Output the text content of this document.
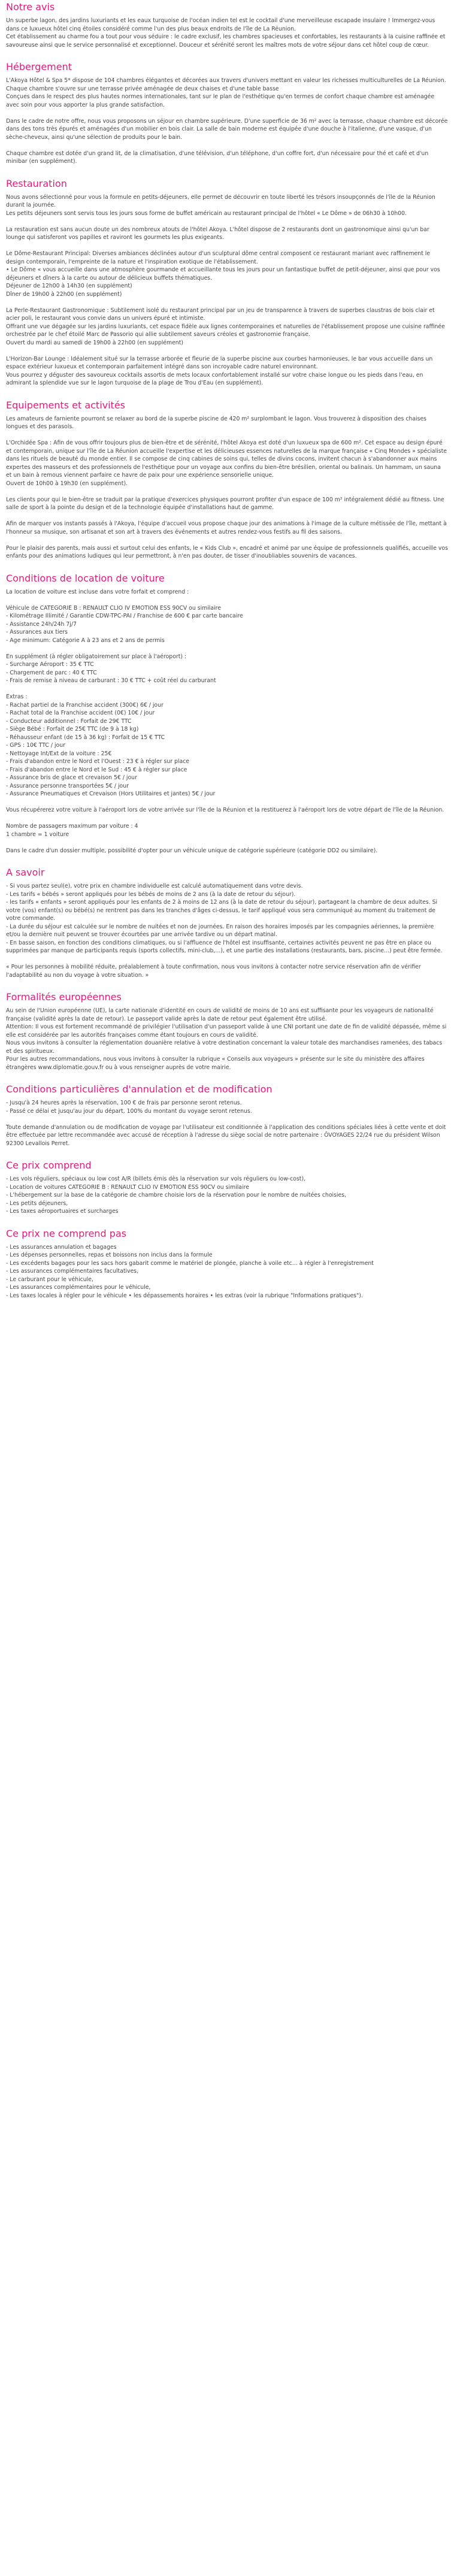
Notre avis

Un superbe lagon, des jardins luxuriants et les eaux turquoise de l'océan indien tel est le cocktail d'une merveilleuse escapade insulaire ! Immergez-vous dans ce luxueux hôtel cinq étoiles considéré comme l'un des plus beaux endroits de l'île de La Réunion.
Cet établissement au charme fou a tout pour vous séduire : le cadre exclusif, les chambres spacieuses et confortables, les restaurants à la cuisine raffinée et savoureuse ainsi que le service personnalisé et exceptionnel. Douceur et sérénité seront les maîtres mots de votre séjour dans cet hôtel coup de cœur.

Hébergement

L'Akoya Hôtel & Spa 5* dispose de 104 chambres élégantes et décorées aux travers d'univers mettant en valeur les richesses multiculturelles de La Réunion. Chaque chambre s'ouvre sur une terrasse privée aménagée de deux chaises et d'une table basse
Conçues dans le respect des plus hautes normes internationales, tant sur le plan de l'esthétique qu'en termes de confort chaque chambre est aménagée avec soin pour vous apporter la plus grande satisfaction.

Dans le cadre de notre offre, nous vous proposons un séjour en chambre supérieure. D'une superficie de 36 m² avec la terrasse, chaque chambre est décorée dans des tons très épurés et aménagées d'un mobilier en bois clair. La salle de bain moderne est équipée d'une douche à l'italienne, d'une vasque, d'un sèche-cheveux, ainsi qu'une sélection de produits pour le bain.

Chaque chambre est dotée d'un grand lit, de la climatisation, d'une télévision, d'un téléphone, d'un coffre fort, d'un nécessaire pour thé et café et d'un minibar (en supplément).

Restauration

Nous avons sélectionné pour vous la formule en petits-déjeuners, elle permet de découvrir en toute liberté les trésors insoupçonnés de l'île de la Réunion durant la journée.
Les petits déjeuners sont servis tous les jours sous forme de buffet américain au restaurant principal de l'hôtel « Le Dôme » de 06h30 à 10h00.

La restauration est sans aucun doute un des nombreux atouts de l'hôtel Akoya. L'hôtel dispose de 2 restaurants dont un gastronomique ainsi qu'un bar lounge qui satisferont vos papilles et raviront les gourmets les plus exigeants.

Le Dôme-Restaurant Principal: Diverses ambiances déclinées autour d'un sculptural dôme central composent ce restaurant mariant avec raffinement le design contemporain, l'empreinte de la nature et l'inspiration exotique de l'établissement.
• Le Dôme « vous accueille dans une atmosphère gourmande et accueillante tous les jours pour un fantastique buffet de petit-déjeuner, ainsi que pour vos déjeuners et dîners à la carte ou autour de délicieux buffets thématiques.
Déjeuner de 12h00 à 14h30 (en supplément)
Dîner de 19h00 à 22h00 (en supplément)

La Perle-Restaurant Gastronomique : Subtilement isolé du restaurant principal par un jeu de transparence à travers de superbes claustras de bois clair et acier poli, le restaurant vous convie dans un univers épuré et intimiste.
Offrant une vue dégagée sur les jardins luxuriants, cet espace fidèle aux lignes contemporaines et naturelles de l'établissement propose une cuisine raffinée orchestrée par le chef étoilé Marc de Passorio qui allie subtilement saveurs créoles et gastronomie française.
Ouvert du mardi au samedi de 19h00 à 22h00 (en supplément)

L'Horizon-Bar Lounge : Idéalement situé sur la terrasse arborée et fleurie de la superbe piscine aux courbes harmonieuses, le bar vous accueille dans un espace extérieur luxueux et contemporain parfaitement intégré dans son incroyable cadre naturel environnant.
Vous pourrez y déguster des savoureux cocktails assortis de mets locaux confortablement installé sur votre chaise longue ou les pieds dans l'eau, en admirant la splendide vue sur le lagon turquoise de la plage de Trou d'Eau (en supplément).

Equipements et activités

Les amateurs de farniente pourront se relaxer au bord de la superbe piscine de 420 m² surplombant le lagon. Vous trouverez à disposition des chaises longues et des parasols.

L'Orchidée Spa : Afin de vous offrir toujours plus de bien-être et de sérénité, l'hôtel Akoya est doté d'un luxueux spa de 600 m². Cet espace au design épuré et contemporain, unique sur l'île de La Réunion accueille l'expertise et les délicieuses essences naturelles de la marque française « Cinq Mondes » spécialiste dans les rituels de beauté du monde entier. Il se compose de cinq cabines de soins qui, telles de divins cocons, invitent chacun à s'abandonner aux mains expertes des masseurs et des professionnels de l'esthétique pour un voyage aux confins du bien-être brésilien, oriental ou balinais. Un hammam, un sauna et un bain à remous viennent parfaire ce havre de paix pour une expérience sensorielle unique.
Ouvert de 10h00 à 19h30 (en supplément).

Les clients pour qui le bien-être se traduit par la pratique d'exercices physiques pourront profiter d'un espace de 100 m² intégralement dédié au fitness. Une salle de sport à la pointe du design et de la technologie équipée d'installations haut de gamme.

Afin de marquer vos instants passés à l'Akoya, l'équipe d'accueil vous propose chaque jour des animations à l'image de la culture métissée de l'île, mettant à l'honneur sa musique, son artisanat et son art à travers des événements et autres rendez-vous festifs au fil des saisons.

Pour le plaisir des parents, mais aussi et surtout celui des enfants, le « Kids Club », encadré et animé par une équipe de professionnels qualifiés, accueille vos enfants pour des animations ludiques qui leur permettront, à n'en pas douter, de tisser d'inoubliables souvenirs de vacances.

Conditions de location de voiture

La location de voiture est incluse dans votre forfait et comprend :

Véhicule de CATEGORIE B : RENAULT CLIO IV EMOTION ESS 90CV ou similaire
- Kilométrage Illimité / Garantie CDW-TPC-PAI / Franchise de 600 € par carte bancaire
- Assistance 24h/24h 7j/7
- Assurances aux tiers
- Age minimum: Catégorie A à 23 ans et 2 ans de permis

En supplément (à régler obligatoirement sur place à l'aéroport) :
- Surcharge Aéroport : 35 € TTC
- Chargement de parc : 40 € TTC
- Frais de remise à niveau de carburant : 30 € TTC + coût réel du carburant

Extras :
- Rachat partiel de la Franchise accident (300€) 6€ / jour
- Rachat total de la Franchise accident (0€) 10€ / jour
- Conducteur additionnel : Forfait de 29€ TTC
- Siège Bébé : Forfait de 25€ TTC (de 9 à 18 kg)
- Réhausseur enfant (de 15 à 36 kg) : Forfait de 15 € TTC
- GPS : 10€ TTC / jour
- Nettoyage Int/Ext de la voiture : 25€
- Frais d'abandon entre le Nord et l'Ouest : 23 € à régler sur place
- Frais d'abandon entre le Nord et le Sud : 45 € à régler sur place
- Assurance bris de glace et crevaison 5€ / jour
- Assurance personne transportées 5€ / jour
- Assurance Pneumatiques et Crevaison (Hors Utilitaires et jantes) 5€ / jour

Vous récupérerez votre voiture à l'aéroport lors de votre arrivée sur l'île de la Réunion et la restituerez à l'aéroport lors de votre départ de l'île de la Réunion.

Nombre de passagers maximum par voiture : 4
1 chambre = 1 voiture

Dans le cadre d'un dossier multiple, possibilité d'opter pour un véhicule unique de catégorie supérieure (catégorie DD2 ou similaire).

A savoir

- Si vous partez seul(e), votre prix en chambre individuelle est calculé automatiquement dans votre devis.
- Les tarifs « bébés » seront appliqués pour les bébés de moins de 2 ans (à la date de retour du séjour).
- les tarifs « enfants » seront appliqués pour les enfants de 2 à moins de 12 ans (à la date de retour du séjour), partageant la chambre de deux adultes. Si votre (vos) enfant(s) ou bébé(s) ne rentrent pas dans les tranches d'âges ci-dessus, le tarif appliqué vous sera communiqué au moment du traitement de votre commande.
- La durée du séjour est calculée sur le nombre de nuitées et non de journées. En raison des horaires imposés par les compagnies aériennes, la première et/ou la dernière nuit peuvent se trouver écourtées par une arrivée tardive ou un départ matinal.
- En basse saison, en fonction des conditions climatiques, ou si l'affluence de l'hôtel est insuffisante, certaines activités peuvent ne pas être en place ou supprimées par manque de participants requis (sports collectifs, mini-club,...), et une partie des installations (restaurants, bars, piscine...) peut être fermée.

« Pour les personnes à mobilité réduite, préalablement à toute confirmation, nous vous invitons à contacter notre service réservation afin de vérifier l'adaptabilité au non du voyage à votre situation. »

Formalités européennes

Au sein de l'Union européenne (UE), la carte nationale d'identité en cours de validité de moins de 10 ans est suffisante pour les voyageurs de nationalité française (validité après la date de retour). Le passeport valide après la date de retour peut également être utilisé.
Attention: Il vous est fortement recommandé de privilégier l'utilisation d'un passeport valide à une CNI portant une date de fin de validité dépassée, même si elle est considérée par les autorités françaises comme étant toujours en cours de validité.
Nous vous invitons à consulter la réglementation douanière relative à votre destination concernant la valeur totale des marchandises ramenées, des tabacs et des spiritueux.
Pour les autres recommandations, nous vous invitons à consulter la rubrique « Conseils aux voyageurs » présente sur le site du ministère des affaires étrangères www.diplomatie.gouv.fr ou à vous renseigner auprès de votre mairie.

Conditions particulières d'annulation et de modification

- Jusqu'à 24 heures après la réservation, 100 € de frais par personne seront retenus.
- Passé ce délai et jusqu'au jour du départ, 100% du montant du voyage seront retenus.

Toute demande d'annulation ou de modification de voyage par l'utilisateur est conditionnée à l'application des conditions spéciales liées à cette vente et doit être effectuée par lettre recommandée avec accusé de réception à l'adresse du siège social de notre partenaire : ÔVOYAGES 22/24 rue du président Wilson 92300 Levallois Perret.

Ce prix comprend

- Les vols réguliers, spéciaux ou low cost A/R (billets émis dès la réservation sur vols réguliers ou low-cost),
- Location de voitures CATEGORIE B : RENAULT CLIO IV EMOTION ESS 90CV ou similaire
- L'hébergement sur la base de la catégorie de chambre choisie lors de la réservation pour le nombre de nuitées choisies,
- Les petits déjeuners,
- Les taxes aéroportuaires et surcharges

Ce prix ne comprend pas

- Les assurances annulation et bagages
- Les dépenses personnelles, repas et boissons non inclus dans la formule
- Les excédents bagages pour les sacs hors gabarit comme le matériel de plongée, planche à voile etc... à régler à l'enregistrement
- Les assurances complémentaires facultatives,
- Le carburant pour le véhicule,
- Les assurances complémentaires pour le véhicule,
- Les taxes locales à régler pour le véhicule • les dépassements horaires • les extras (voir la rubrique "Informations pratiques").
